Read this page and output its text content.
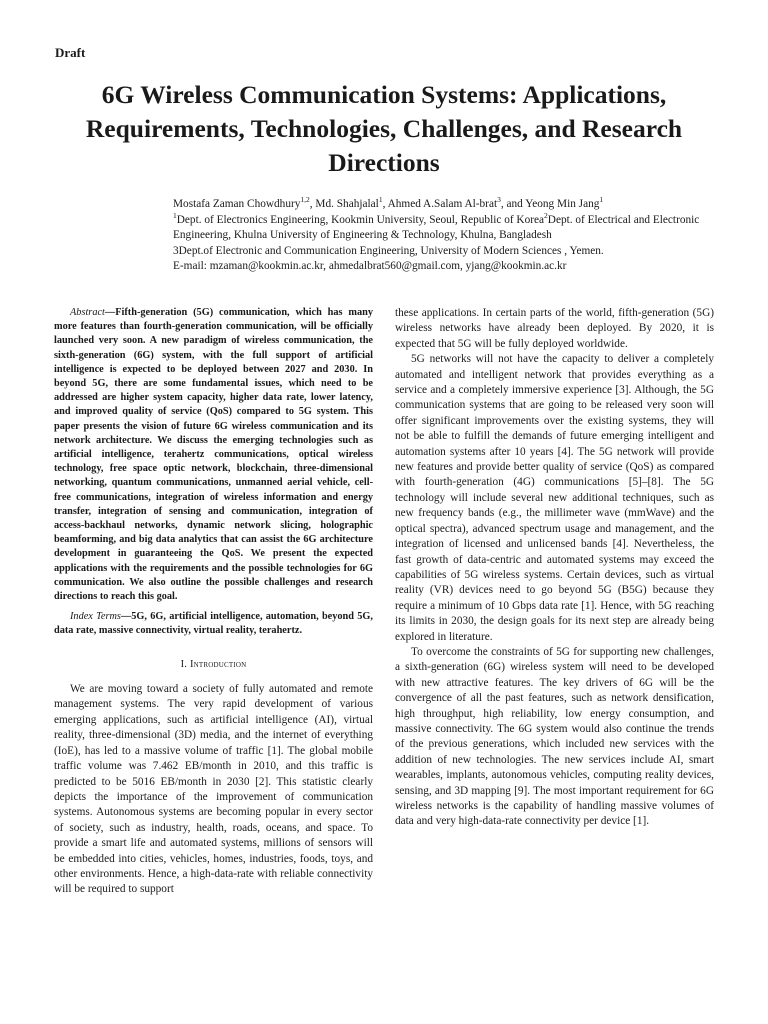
Draft
6G Wireless Communication Systems: Applications, Requirements, Technologies, Challenges, and Research Directions

Mostafa Zaman Chowdhury$^{1,2}$, Md. Shahjalal$^1$, Ahmed A.Salam Al-brat$^3$, and Yeong Min Jang$^1$

$^1$Dept. of Electronics Engineering, Kookmin University, Seoul, Republic of Korea$^2$Dept. of Electrical and Electronic Engineering, Khulna University of Engineering & Technology, Khulna, Bangladesh

3Dept.of Electronic and Communication Engineering, University of Modern Sciences , Yemen.

E-mail: mzaman@kookmin.ac.kr, ahmedalbrat560@gmail.com, yjang@kookmin.ac.kr

Abstract—Fifth-generation (5G) communication, which has many more features than fourth-generation communication, will be officially launched very soon. A new paradigm of wireless communication, the sixth-generation (6G) system, with the full support of artificial intelligence is expected to be deployed between 2027 and 2030. In beyond 5G, there are some fundamental issues, which need to be addressed are higher system capacity, higher data rate, lower latency, and improved quality of service (QoS) compared to 5G system. This paper presents the vision of future 6G wireless communication and its network architecture. We discuss the emerging technologies such as artificial intelligence, terahertz communications, optical wireless technology, free space optic network, blockchain, three-dimensional networking, quantum communications, unmanned aerial vehicle, cell-free communications, integration of wireless information and energy transfer, integration of sensing and communication, integration of access-backhaul networks, dynamic network slicing, holographic beamforming, and big data analytics that can assist the 6G architecture development in guaranteeing the QoS. We present the expected applications with the requirements and the possible technologies for 6G communication. We also outline the possible challenges and research directions to reach this goal.

Index Terms—5G, 6G, artificial intelligence, automation, beyond 5G, data rate, massive connectivity, virtual reality, terahertz.

I. Introduction

We are moving toward a society of fully automated and remote management systems. The very rapid development of various emerging applications, such as artificial intelligence (AI), virtual reality, three-dimensional (3D) media, and the internet of everything (IoE), has led to a massive volume of traffic [1]. The global mobile traffic volume was 7.462 EB/month in 2010, and this traffic is predicted to be 5016 EB/month in 2030 [2]. This statistic clearly depicts the importance of the improvement of communication systems. Autonomous systems are becoming popular in every sector of society, such as industry, health, roads, oceans, and space. To provide a smart life and automated systems, millions of sensors will be embedded into cities, vehicles, homes, industries, foods, toys, and other environments. Hence, a high-data-rate with reliable connectivity will be required to support

these applications. In certain parts of the world, fifth-generation (5G) wireless networks have already been deployed. By 2020, it is expected that 5G will be fully deployed worldwide.

5G networks will not have the capacity to deliver a completely automated and intelligent network that provides everything as a service and a completely immersive experience [3]. Although, the 5G communication systems that are going to be released very soon will offer significant improvements over the existing systems, they will not be able to fulfill the demands of future emerging intelligent and automation systems after 10 years [4]. The 5G network will provide new features and provide better quality of service (QoS) as compared with fourth-generation (4G) communications [5]–[8]. The 5G technology will include several new additional techniques, such as new frequency bands (e.g., the millimeter wave (mmWave) and the optical spectra), advanced spectrum usage and management, and the integration of licensed and unlicensed bands [4]. Nevertheless, the fast growth of data-centric and automated systems may exceed the capabilities of 5G wireless systems. Certain devices, such as virtual reality (VR) devices need to go beyond 5G (B5G) because they require a minimum of 10 Gbps data rate [1]. Hence, with 5G reaching its limits in 2030, the design goals for its next step are already being explored in literature.

To overcome the constraints of 5G for supporting new challenges, a sixth-generation (6G) wireless system will need to be developed with new attractive features. The key drivers of 6G will be the convergence of all the past features, such as network densification, high throughput, high reliability, low energy consumption, and massive connectivity. The 6G system would also continue the trends of the previous generations, which included new services with the addition of new technologies. The new services include AI, smart wearables, implants, autonomous vehicles, computing reality devices, sensing, and 3D mapping [9]. The most important requirement for 6G wireless networks is the capability of handling massive volumes of data and very high-data-rate connectivity per device [1].
